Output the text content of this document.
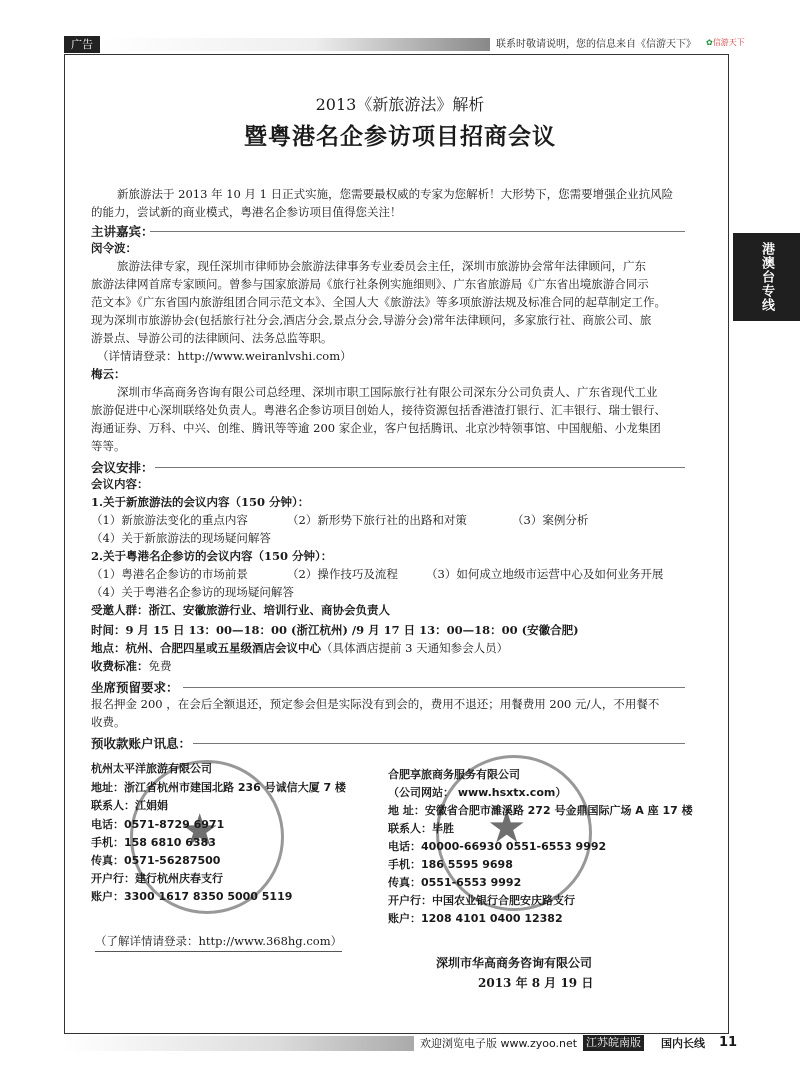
广告	联系时敬请说明，您的信息来自《信游天下》 ✿信游天下
港澳台专线
2013《新旅游法》解析
暨粤港名企参访项目招商会议
新旅游法于 2013 年 10 月 1 日正式实施，您需要最权威的专家为您解析！大形势下，您需要增强企业抗风险
的能力，尝试新的商业模式，粤港名企参访项目值得您关注！
主讲嘉宾：
闵令波：
旅游法律专家，现任深圳市律师协会旅游法律事务专业委员会主任，深圳市旅游协会常年法律顾问，广东
旅游法律网首席专家顾问。曾参与国家旅游局《旅行社条例实施细则》、广东省旅游局《广东省出境旅游合同示
范文本》《广东省国内旅游组团合同示范文本》、全国人大《旅游法》等多项旅游法规及标准合同的起草制定工作。
现为深圳市旅游协会(包括旅行社分会,酒店分会,景点分会,导游分会)常年法律顾问，多家旅行社、商旅公司、旅
游景点、导游公司的法律顾问、法务总监等职。
（详情请登录：http://www.weiranlvshi.com）
梅云：
深圳市华高商务咨询有限公司总经理、深圳市职工国际旅行社有限公司深东分公司负责人、广东省现代工业
旅游促进中心深圳联络处负责人。粤港名企参访项目创始人，接待资源包括香港渣打银行、汇丰银行、瑞士银行、
海通证券、万科、中兴、创维、腾讯等等逾 200 家企业，客户包括腾讯、北京沙特领事馆、中国舰船、小龙集团
等等。
会议安排：
会议内容：
1.关于新旅游法的会议内容（150 分钟）：
（1）新旅游法变化的重点内容	（2）新形势下旅行社的出路和对策	（3）案例分析
（4）关于新旅游法的现场疑问解答
2.关于粤港名企参访的会议内容（150 分钟）：
（1）粤港名企参访的市场前景	（2）操作技巧及流程 （3）如何成立地级市运营中心及如何业务开展
（4）关于粤港名企参访的现场疑问解答
受邀人群：浙江、安徽旅游行业、培训行业、商协会负责人
时间：9 月 15 日 13：00—18：00 (浙江杭州) /9 月 17 日 13：00—18：00 (安徽合肥)
地点：杭州、合肥四星或五星级酒店会议中心（具体酒店提前 3 天通知参会人员）
收费标准：免费
坐席预留要求：
报名押金 200 ，在会后全额退还，预定参会但是实际没有到会的，费用不退还；用餐费用 200 元/人，不用餐不
收费。
预收款账户讯息：
★	★
杭州太平洋旅游有限公司
地址：浙江省杭州市建国北路 236 号诚信大厦 7 楼
联系人：江娟娟
电话：0571-8729 6971
手机：158 6810 6383
传真：0571-56287500
开户行：建行杭州庆春支行
账户：3300 1617 8350 5000 5119
合肥享旅商务服务有限公司
（公司网站： www.hsxtx.com）
地 址：安徽省合肥市濉溪路 272 号金鼎国际广场 A 座 17 楼
联系人：毕胜
电话：40000-66930 0551-6553 9992
手机：186 5595 9698
传真：0551-6553 9992
开户行：中国农业银行合肥安庆路支行
账户：1208 4101 0400 12382
（了解详情请登录：http://www.368hg.com）
深圳市华高商务咨询有限公司
2013 年 8 月 19 日
欢迎浏览电子版 www.zyoo.net 江苏皖南版 国内长线 11
